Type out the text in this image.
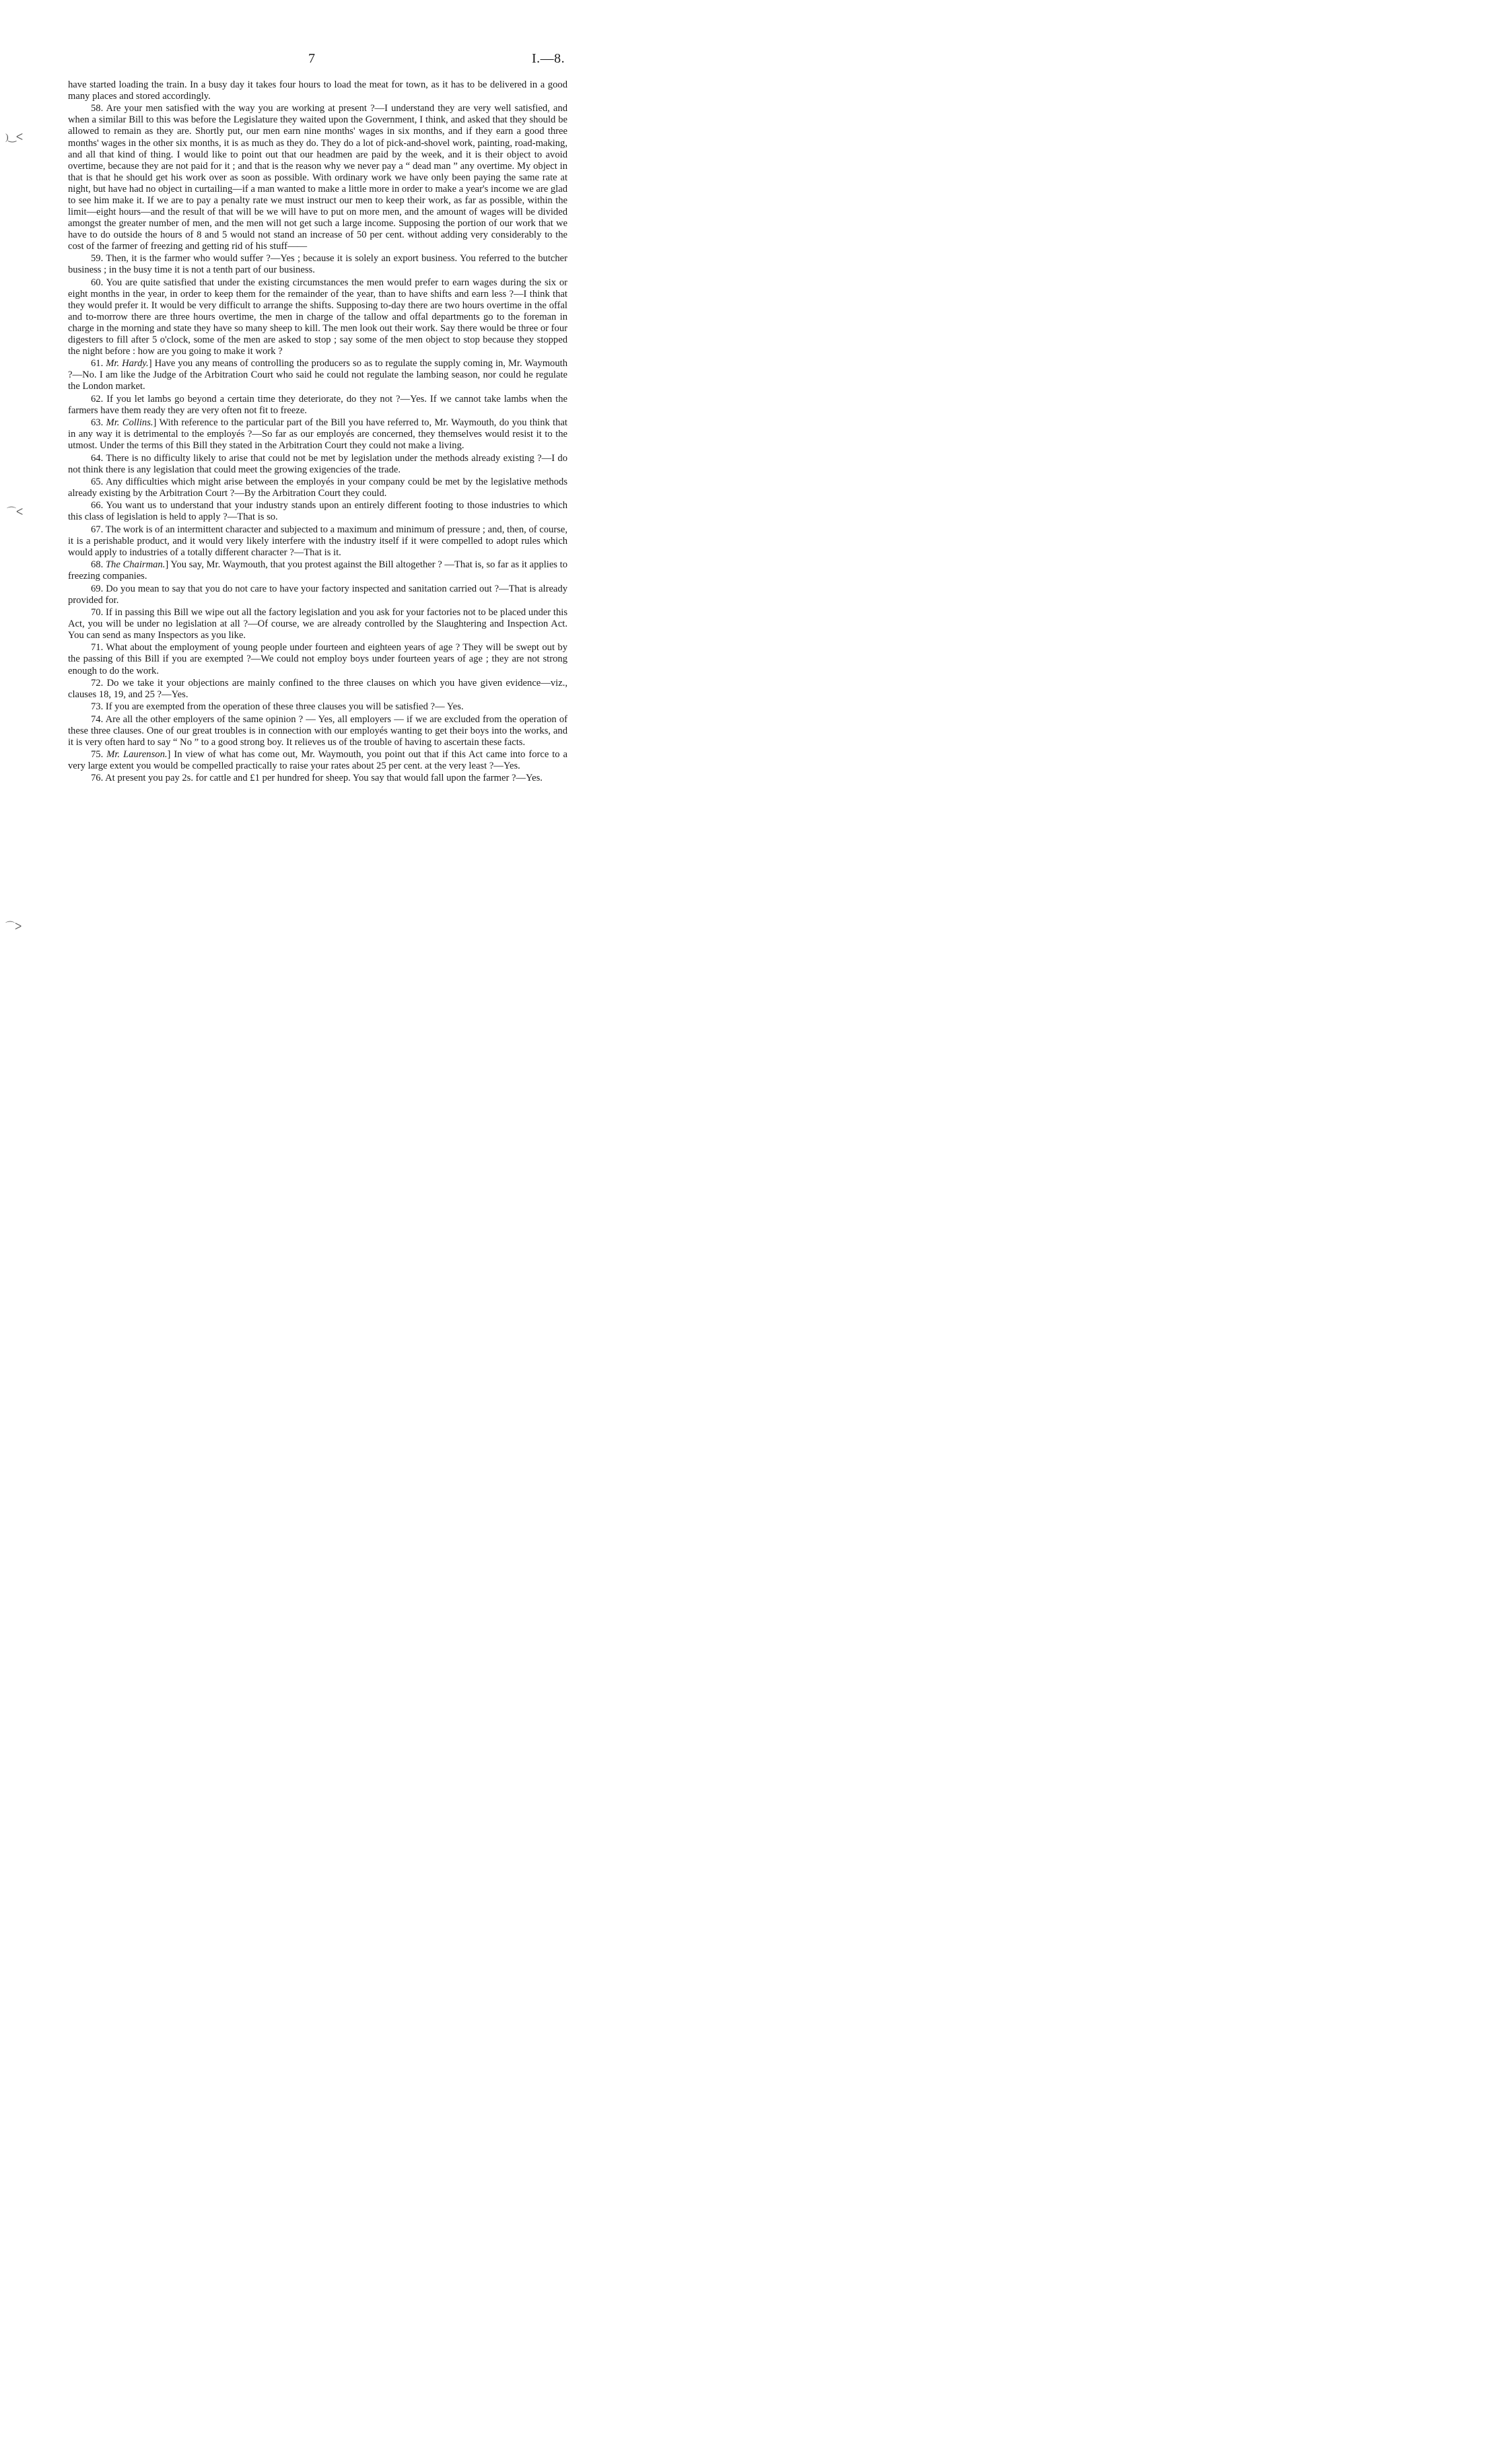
7	I.—8.
)‿ᐸ
⌒ᐸ
⌒ᐳ

have started loading the train. In a busy day it takes four hours to load the meat for town, as it has to be delivered in a good many places and stored accordingly.

58. Are your men satisfied with the way you are working at present ?—I understand they are very well satisfied, and when a similar Bill to this was before the Legislature they waited upon the Government, I think, and asked that they should be allowed to remain as they are. Shortly put, our men earn nine months' wages in six months, and if they earn a good three months' wages in the other six months, it is as much as they do. They do a lot of pick-and-shovel work, painting, road-making, and all that kind of thing. I would like to point out that our headmen are paid by the week, and it is their object to avoid overtime, because they are not paid for it ; and that is the reason why we never pay a “ dead man ” any overtime. My object in that is that he should get his work over as soon as possible. With ordinary work we have only been paying the same rate at night, but have had no object in curtailing—if a man wanted to make a little more in order to make a year's income we are glad to see him make it. If we are to pay a penalty rate we must instruct our men to keep their work, as far as possible, within the limit—eight hours—and the result of that will be we will have to put on more men, and the amount of wages will be divided amongst the greater number of men, and the men will not get such a large income. Supposing the portion of our work that we have to do outside the hours of 8 and 5 would not stand an increase of 50 per cent. without adding very considerably to the cost of the farmer of freezing and getting rid of his stuff——

59. Then, it is the farmer who would suffer ?—Yes ; because it is solely an export business. You referred to the butcher business ; in the busy time it is not a tenth part of our business.

60. You are quite satisfied that under the existing circumstances the men would prefer to earn wages during the six or eight months in the year, in order to keep them for the remainder of the year, than to have shifts and earn less ?—I think that they would prefer it. It would be very difficult to arrange the shifts. Supposing to-day there are two hours overtime in the offal and to-morrow there are three hours overtime, the men in charge of the tallow and offal departments go to the foreman in charge in the morning and state they have so many sheep to kill. The men look out their work. Say there would be three or four digesters to fill after 5 o'clock, some of the men are asked to stop ; say some of the men object to stop because they stopped the night before : how are you going to make it work ?

61. Mr. Hardy.] Have you any means of controlling the producers so as to regulate the supply coming in, Mr. Waymouth ?—No. I am like the Judge of the Arbitration Court who said he could not regulate the lambing season, nor could he regulate the London market.

62. If you let lambs go beyond a certain time they deteriorate, do they not ?—Yes. If we cannot take lambs when the farmers have them ready they are very often not fit to freeze.

63. Mr. Collins.] With reference to the particular part of the Bill you have referred to, Mr. Waymouth, do you think that in any way it is detrimental to the employés ?—So far as our employés are concerned, they themselves would resist it to the utmost. Under the terms of this Bill they stated in the Arbitration Court they could not make a living.

64. There is no difficulty likely to arise that could not be met by legislation under the methods already existing ?—I do not think there is any legislation that could meet the growing exigencies of the trade.

65. Any difficulties which might arise between the employés in your company could be met by the legislative methods already existing by the Arbitration Court ?—By the Arbitration Court they could.

66. You want us to understand that your industry stands upon an entirely different footing to those industries to which this class of legislation is held to apply ?—That is so.

67. The work is of an intermittent character and subjected to a maximum and minimum of pressure ; and, then, of course, it is a perishable product, and it would very likely interfere with the industry itself if it were compelled to adopt rules which would apply to industries of a totally different character ?—That is it.

68. The Chairman.] You say, Mr. Waymouth, that you protest against the Bill altogether ? —That is, so far as it applies to freezing companies.

69. Do you mean to say that you do not care to have your factory inspected and sanitation carried out ?—That is already provided for.

70. If in passing this Bill we wipe out all the factory legislation and you ask for your factories not to be placed under this Act, you will be under no legislation at all ?—Of course, we are already controlled by the Slaughtering and Inspection Act. You can send as many Inspectors as you like.

71. What about the employment of young people under fourteen and eighteen years of age ? They will be swept out by the passing of this Bill if you are exempted ?—We could not employ boys under fourteen years of age ; they are not strong enough to do the work.

72. Do we take it your objections are mainly confined to the three clauses on which you have given evidence—viz., clauses 18, 19, and 25 ?—Yes.

73. If you are exempted from the operation of these three clauses you will be satisfied ?— Yes.

74. Are all the other employers of the same opinion ? — Yes, all employers — if we are excluded from the operation of these three clauses. One of our great troubles is in connection with our employés wanting to get their boys into the works, and it is very often hard to say “ No ” to a good strong boy. It relieves us of the trouble of having to ascertain these facts.

75. Mr. Laurenson.] In view of what has come out, Mr. Waymouth, you point out that if this Act came into force to a very large extent you would be compelled practically to raise your rates about 25 per cent. at the very least ?—Yes.

76. At present you pay 2s. for cattle and £1 per hundred for sheep. You say that would fall upon the farmer ?—Yes.
